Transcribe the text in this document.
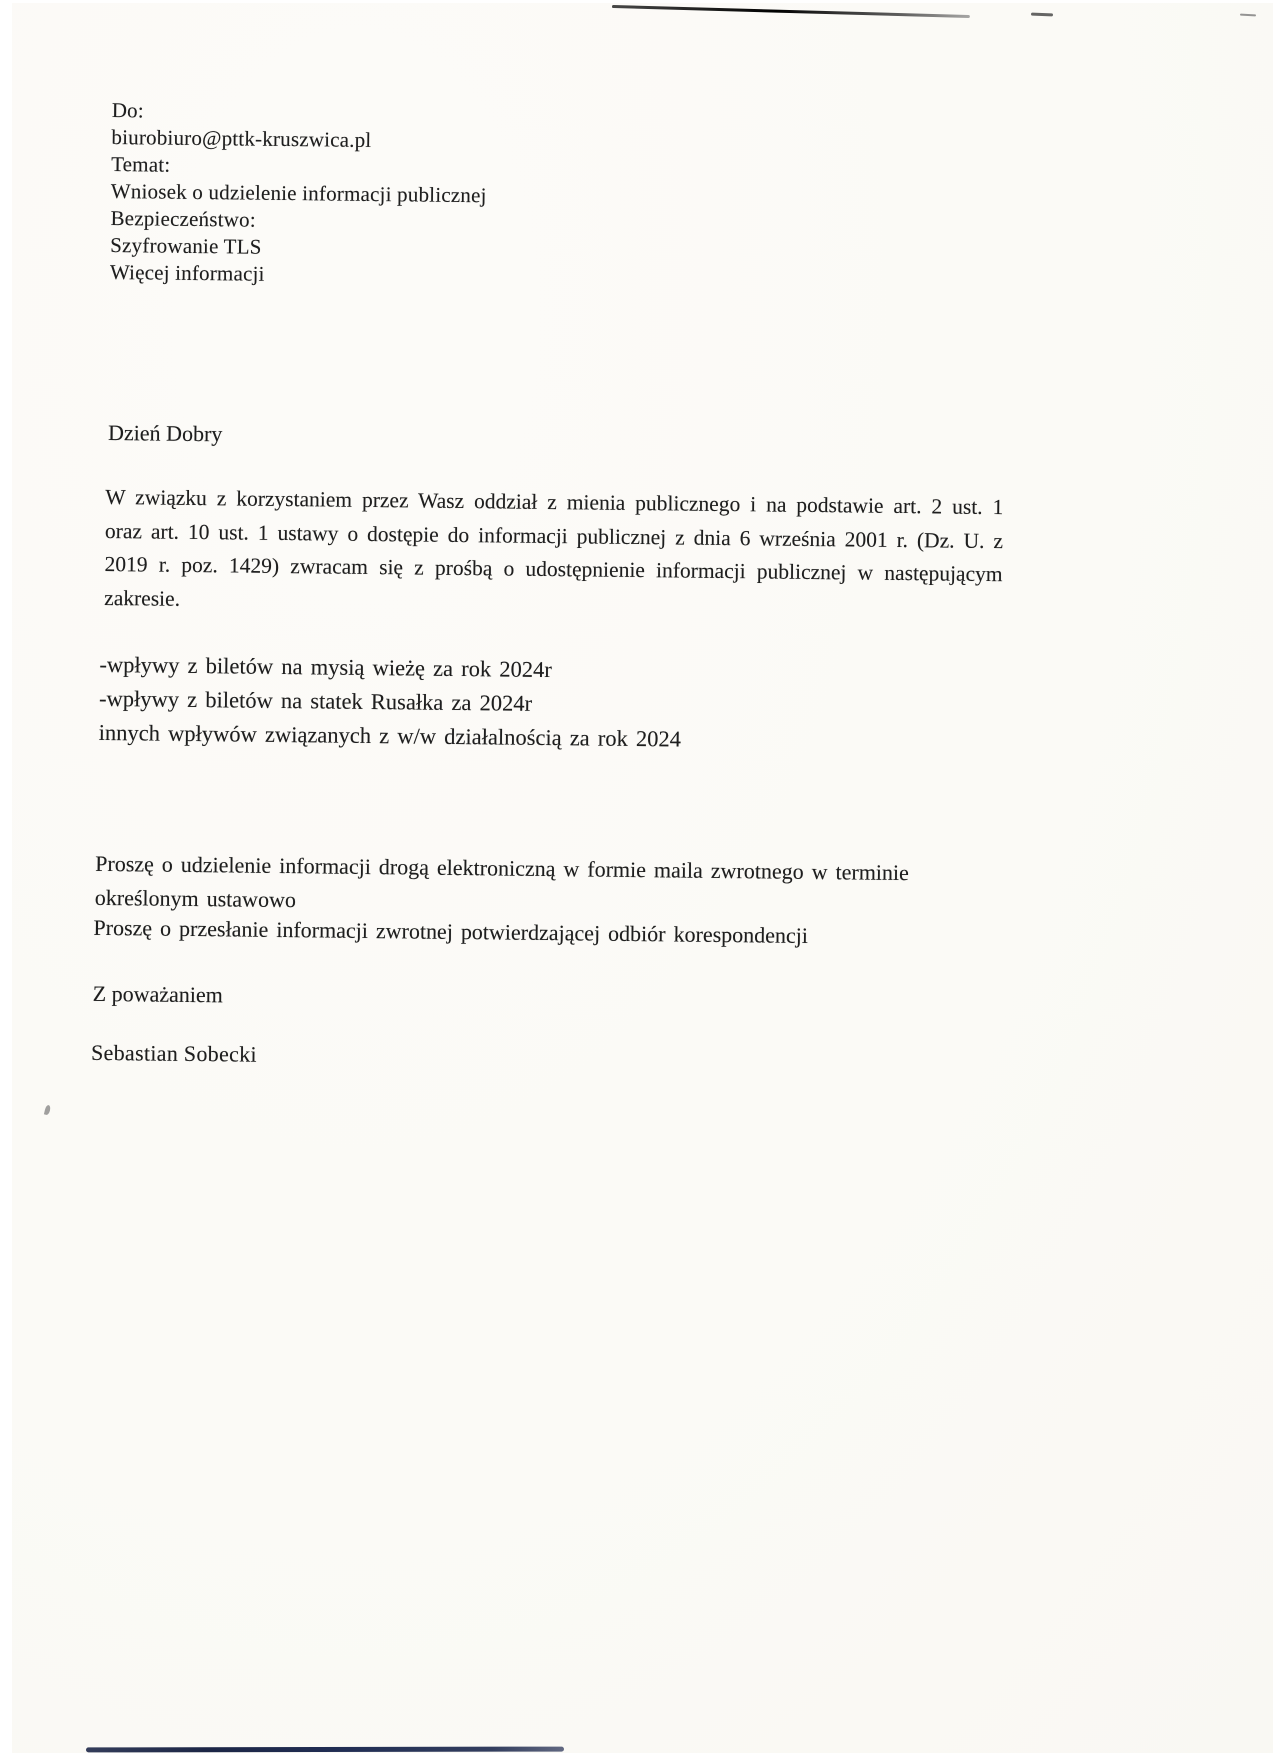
Do:
biurobiuro@pttk-kruszwica.pl
Temat:
Wniosek o udzielenie informacji publicznej
Bezpieczeństwo:
Szyfrowanie TLS
Więcej informacji
Dzień Dobry
W związku z korzystaniem przez Wasz oddział z mienia publicznego i na podstawie art. 2 ust. 1
oraz art. 10 ust. 1 ustawy o dostępie do informacji publicznej z dnia 6 września 2001 r. (Dz. U. z
2019 r. poz. 1429) zwracam się z prośbą o udostępnienie informacji publicznej w następującym
zakresie.
-wpływy z biletów na mysią wieżę za rok 2024r
-wpływy z biletów na statek Rusałka za 2024r
innych wpływów związanych z w/w działalnością za rok 2024
Proszę o udzielenie informacji drogą elektroniczną w formie maila zwrotnego w terminie
określonym ustawowo
Proszę o przesłanie informacji zwrotnej potwierdzającej odbiór korespondencji
Z poważaniem
Sebastian Sobecki
